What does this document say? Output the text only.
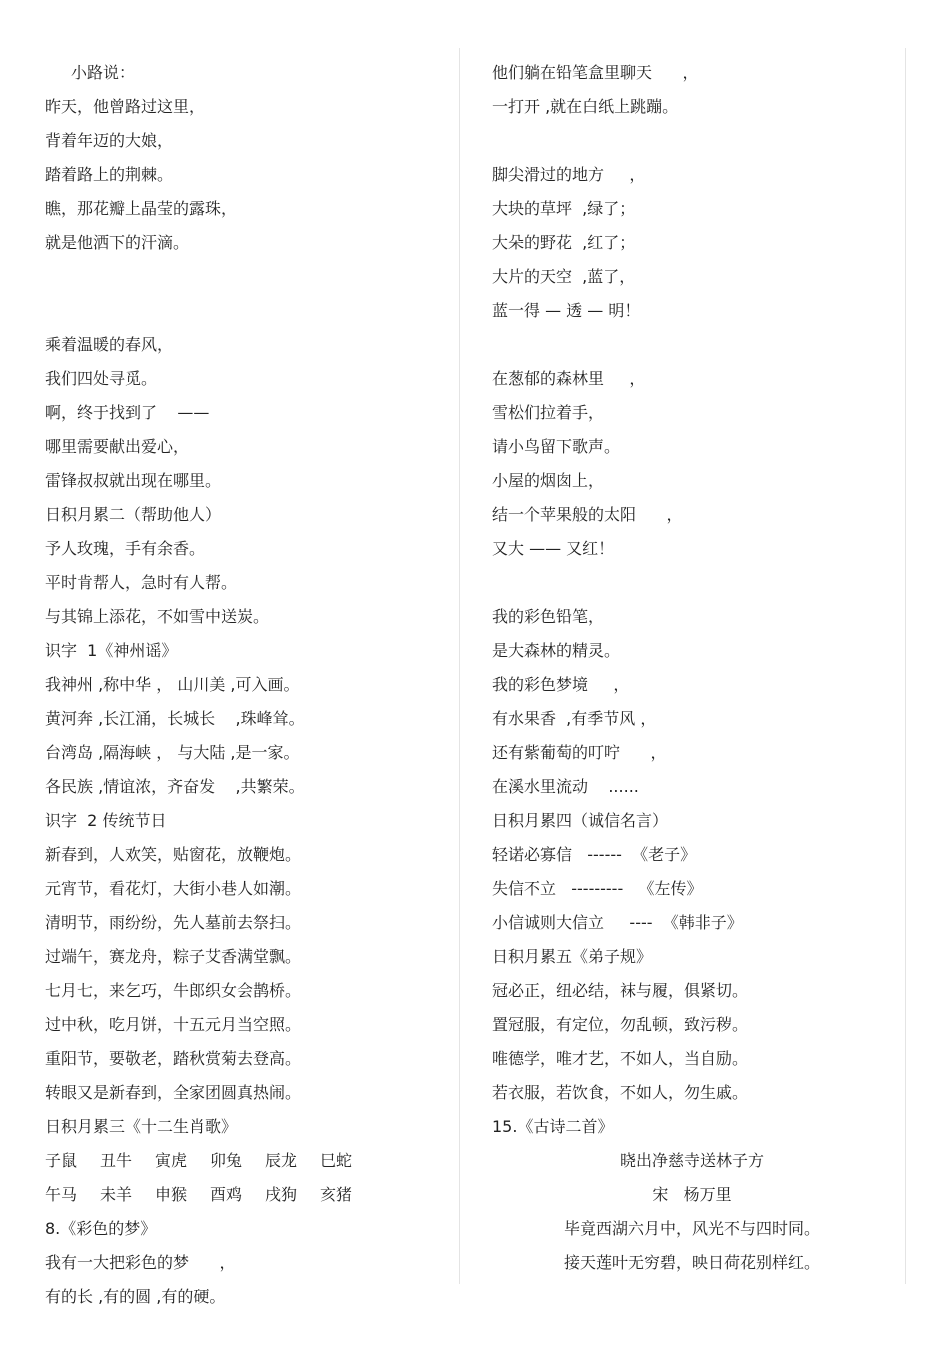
小路说：
昨天，他曾路过这里，
背着年迈的大娘，
踏着路上的荆棘。
瞧，那花瓣上晶莹的露珠，
就是他洒下的汗滴。
乘着温暖的春风，
我们四处寻觅。
啊，终于找到了    ——
哪里需要献出爱心，
雷锋叔叔就出现在哪里。
日积月累二（帮助他人）
予人玫瑰，手有余香。
平时肯帮人，急时有人帮。
与其锦上添花，不如雪中送炭。
识字  1《神州谣》
我神州 ,称中华 ， 山川美 ,可入画。
黄河奔 ,长江涌，长城长    ,珠峰耸。
台湾岛 ,隔海峡 ， 与大陆 ,是一家。
各民族 ,情谊浓，齐奋发    ,共繁荣。
识字  2 传统节日
新春到，人欢笑，贴窗花，放鞭炮。
元宵节，看花灯，大街小巷人如潮。
清明节，雨纷纷，先人墓前去祭扫。
过端午，赛龙舟，粽子艾香满堂飘。
七月七，来乞巧，牛郎织女会鹊桥。
过中秋，吃月饼，十五元月当空照。
重阳节，要敬老，踏秋赏菊去登高。
转眼又是新春到，全家团圆真热闹。
日积月累三《十二生肖歌》
子鼠	丑牛	寅虎	卯兔	辰龙	巳蛇
午马	未羊	申猴	酉鸡	戌狗	亥猪
8.《彩色的梦》
我有一大把彩色的梦      ，
有的长 ,有的圆 ,有的硬。
他们躺在铅笔盒里聊天      ，
一打开 ,就在白纸上跳蹦。
脚尖滑过的地方     ，
大块的草坪  ,绿了；
大朵的野花  ,红了；
大片的天空  ,蓝了，
蓝一得 — 透 — 明！
在葱郁的森林里     ，
雪松们拉着手，
请小鸟留下歌声。
小屋的烟囱上，
结一个苹果般的太阳      ，
又大 —— 又红！
我的彩色铅笔，
是大森林的精灵。
我的彩色梦境     ，
有水果香  ,有季节风 ，
还有紫葡萄的叮咛      ，
在溪水里流动    ......
日积月累四（诚信名言）
轻诺必寡信   ------  《老子》
失信不立   ---------   《左传》
小信诚则大信立     ----  《韩非子》
日积月累五《弟子规》
冠必正，纽必结，袜与履，俱紧切。
置冠服，有定位，勿乱顿，致污秽。
唯德学，唯才艺，不如人，当自励。
若衣服，若饮食，不如人，勿生戚。
15.《古诗二首》
晓出净慈寺送林子方
宋   杨万里
毕竟西湖六月中，风光不与四时同。
接天莲叶无穷碧，映日荷花别样红。
